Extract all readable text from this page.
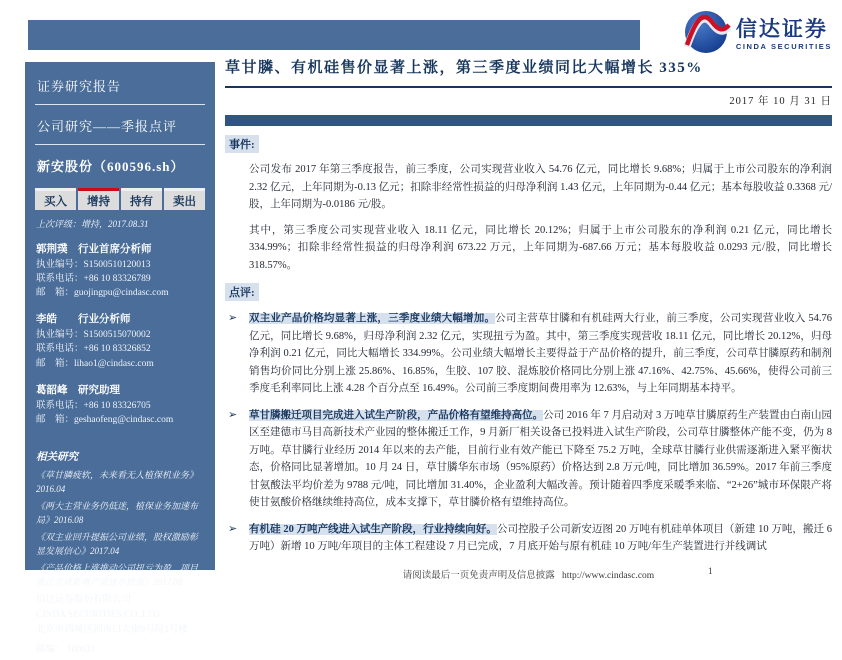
信达证券
CINDA SECURITIES
证券研究报告
公司研究——季报点评
新安股份（600596.sh）
买入	增持	持有	卖出
上次评级：增持，2017.08.31
郭荆璞　行业首席分析师
执业编号：S1500510120013
联系电话：+86 10 83326789
邮　箱：guojingpu@cindasc.com
李皓　　行业分析师
执业编号：S1500515070002
联系电话：+86 10 83326852
邮　箱：lihao1@cindasc.com
葛韶峰　研究助理
联系电话：+86 10 83326705
邮　箱：geshaofeng@cindasc.com
相关研究
《草甘膦疲软，未来看无人植保机业务》2016.04
《两大主营业务仍低迷，植保业务加速布局》2016.08
《双主业回升提振公司业绩，股权激励彰显发展信心》2017.04
《产品价格上涨推动公司扭亏为盈，项目搬迁完成新增产能逐步投放》2017.08
信达证券股份有限公司
CINDA SECURITIES CO.,LTD
北京市西城区闹市口大街9号院1号楼
邮编： 100031
草甘膦、有机硅售价显著上涨，第三季度业绩同比大幅增长 335%
2017 年 10 月 31 日
事件:
公司发布 2017 年第三季度报告，前三季度，公司实现营业收入 54.76 亿元，同比增长 9.68%；归属于上市公司股东的净利润 2.32 亿元，上年同期为-0.13 亿元；扣除非经常性损益的归母净利润 1.43 亿元，上年同期为-0.44 亿元；基本每股收益 0.3368 元/股，上年同期为-0.0186 元/股。
其中，第三季度公司实现营业收入 18.11 亿元，同比增长 20.12%；归属于上市公司股东的净利润 0.21 亿元，同比增长 334.99%；扣除非经常性损益的归母净利润 673.22 万元，上年同期为-687.66 万元；基本每股收益 0.0293 元/股，同比增长 318.57%。
点评:
➢	双主业产品价格均显著上涨，三季度业绩大幅增加。公司主营草甘膦和有机硅两大行业，前三季度，公司实现营业收入 54.76 亿元，同比增长 9.68%，归母净利润 2.32 亿元，实现扭亏为盈。其中，第三季度实现营收 18.11 亿元，同比增长 20.12%，归母净利润 0.21 亿元，同比大幅增长 334.99%。公司业绩大幅增长主要得益于产品价格的提升，前三季度，公司草甘膦原药和制剂销售均价同比分别上涨 25.86%、16.85%，生胶、107 胶、混炼胶价格同比分别上涨 47.16%、42.75%、45.66%，使得公司前三季度毛利率同比上涨 4.28 个百分点至 16.49%。公司前三季度期间费用率为 12.63%，与上年同期基本持平。
➢	草甘膦搬迁项目完成进入试生产阶段，产品价格有望维持高位。公司 2016 年 7 月启动对 3 万吨草甘膦原药生产装置由白南山园区至建德市马目高新技术产业园的整体搬迁工作，9 月新厂相关设备已投料进入试生产阶段，公司草甘膦整体产能不变，仍为 8 万吨。草甘膦行业经历 2014 年以来的去产能，目前行业有效产能已下降至 75.2 万吨，全球草甘膦行业供需逐渐进入紧平衡状态，价格同比显著增加。10 月 24 日，草甘膦华东市场（95%原药）价格达到 2.8 万元/吨，同比增加 36.59%。2017 年前三季度甘氨酸法平均价差为 9788 元/吨，同比增加 31.40%，企业盈利大幅改善。预计随着四季度采暖季来临、“2+26”城市环保限产将使甘氨酸价格继续维持高位，成本支撑下，草甘膦价格有望维持高位。
➢	有机硅 20 万吨产线进入试生产阶段，行业持续向好。公司控股子公司新安迈图 20 万吨有机硅单体项目（新建 10 万吨，搬迁 6 万吨）新增 10 万吨/年项目的主体工程建设 7 月已完成，7 月底开始与原有机硅 10 万吨/年生产装置进行并线调试
请阅读最后一页免责声明及信息披露 http://www.cindasc.com	1
